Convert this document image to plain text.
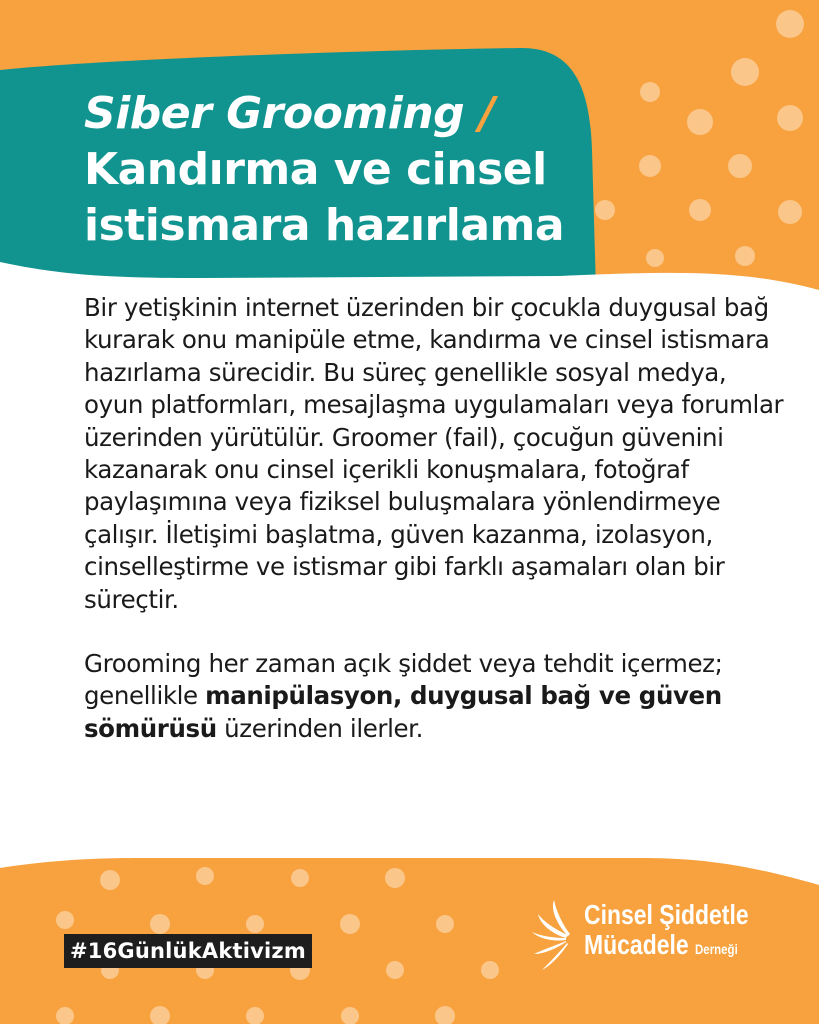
Siber Grooming /
Kandırma ve cinsel istismara hazırlama

Bir yetişkinin internet üzerinden bir çocukla duygusal bağ kurarak onu manipüle etme, kandırma ve cinsel istismara hazırlama sürecidir. Bu süreç genellikle sosyal medya, oyun platformları, mesajlaşma uygulamaları veya forumlar üzerinden yürütülür. Groomer (fail), çocuğun güvenini kazanarak onu cinsel içerikli konuşmalara, fotoğraf paylaşımına veya fiziksel buluşmalara yönlendirmeye çalışır. İletişimi başlatma, güven kazanma, izolasyon, cinselleştirme ve istismar gibi farklı aşamaları olan bir süreçtir.

Grooming her zaman açık şiddet veya tehdit içermez; genellikle manipülasyon, duygusal bağ ve güven sömürüsü üzerinden ilerler.

#16GünlükAktivizm
Cinsel Şiddetle
Mücadele Derneği
